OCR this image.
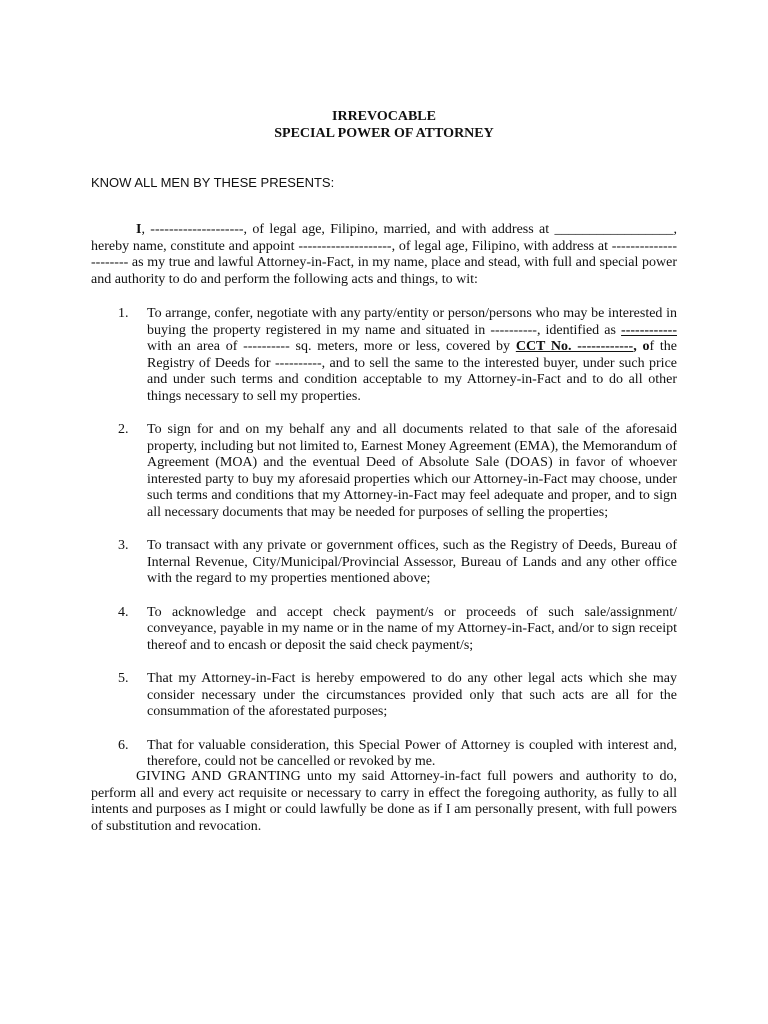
IRREVOCABLE
SPECIAL POWER OF ATTORNEY
KNOW ALL MEN BY THESE PRESENTS:
I, --------------------, of legal age, Filipino, married, and with address at _________________, hereby name, constitute and appoint --------------------, of legal age, Filipino, with address at ---------------------- as my true and lawful Attorney-in-Fact, in my name, place and stead, with full and special power and authority to do and perform the following acts and things, to wit:
1. To arrange, confer, negotiate with any party/entity or person/persons who may be interested in buying the property registered in my name and situated in ----------, identified as ------------ with an area of ---------- sq. meters, more or less, covered by CCT No. ------------, of the Registry of Deeds for ----------, and to sell the same to the interested buyer, under such price and under such terms and condition acceptable to my Attorney-in-Fact and to do all other things necessary to sell my properties.
2. To sign for and on my behalf any and all documents related to that sale of the aforesaid property, including but not limited to, Earnest Money Agreement (EMA), the Memorandum of Agreement (MOA) and the eventual Deed of Absolute Sale (DOAS) in favor of whoever interested party to buy my aforesaid properties which our Attorney-in-Fact may choose, under such terms and conditions that my Attorney-in-Fact may feel adequate and proper, and to sign all necessary documents that may be needed for purposes of selling the properties;
3. To transact with any private or government offices, such as the Registry of Deeds, Bureau of Internal Revenue, City/Municipal/Provincial Assessor, Bureau of Lands and any other office with the regard to my properties mentioned above;
4. To acknowledge and accept check payment/s or proceeds of such sale/assignment/ conveyance, payable in my name or in the name of my Attorney-in-Fact, and/or to sign receipt thereof and to encash or deposit the said check payment/s;
5. That my Attorney-in-Fact is hereby empowered to do any other legal acts which she may consider necessary under the circumstances provided only that such acts are all for the consummation of the aforestated purposes;
6. That for valuable consideration, this Special Power of Attorney is coupled with interest and, therefore, could not be cancelled or revoked by me.
GIVING AND GRANTING unto my said Attorney-in-fact full powers and authority to do, perform all and every act requisite or necessary to carry in effect the foregoing authority, as fully to all intents and purposes as I might or could lawfully be done as if I am personally present, with full powers of substitution and revocation.
